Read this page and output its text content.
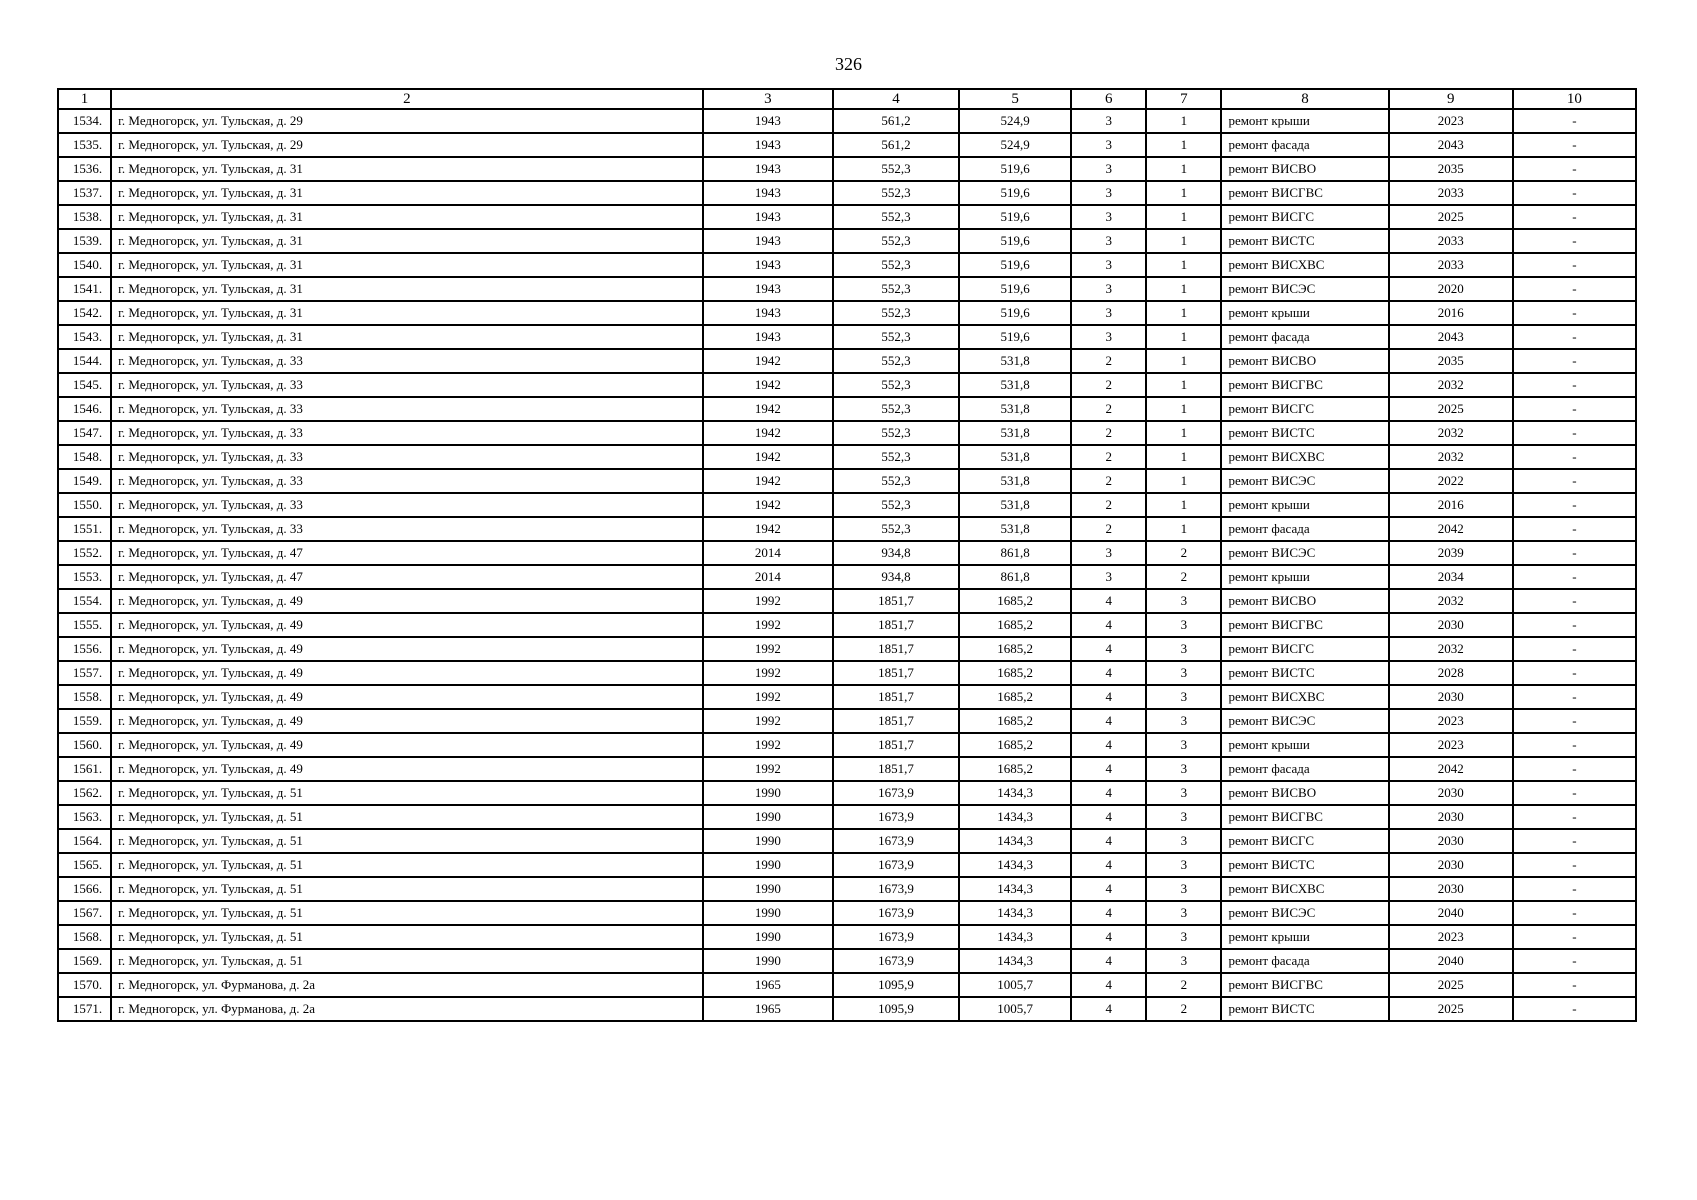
326
1	2	3	4	5	6	7	8	9	10
1534.	г. Медногорск, ул. Тульская, д. 29	1943	561,2	524,9	3	1	ремонт крыши	2023	-
1535.	г. Медногорск, ул. Тульская, д. 29	1943	561,2	524,9	3	1	ремонт фасада	2043	-
1536.	г. Медногорск, ул. Тульская, д. 31	1943	552,3	519,6	3	1	ремонт ВИСВО	2035	-
1537.	г. Медногорск, ул. Тульская, д. 31	1943	552,3	519,6	3	1	ремонт ВИСГВС	2033	-
1538.	г. Медногорск, ул. Тульская, д. 31	1943	552,3	519,6	3	1	ремонт ВИСГС	2025	-
1539.	г. Медногорск, ул. Тульская, д. 31	1943	552,3	519,6	3	1	ремонт ВИСТС	2033	-
1540.	г. Медногорск, ул. Тульская, д. 31	1943	552,3	519,6	3	1	ремонт ВИСХВС	2033	-
1541.	г. Медногорск, ул. Тульская, д. 31	1943	552,3	519,6	3	1	ремонт ВИСЭС	2020	-
1542.	г. Медногорск, ул. Тульская, д. 31	1943	552,3	519,6	3	1	ремонт крыши	2016	-
1543.	г. Медногорск, ул. Тульская, д. 31	1943	552,3	519,6	3	1	ремонт фасада	2043	-
1544.	г. Медногорск, ул. Тульская, д. 33	1942	552,3	531,8	2	1	ремонт ВИСВО	2035	-
1545.	г. Медногорск, ул. Тульская, д. 33	1942	552,3	531,8	2	1	ремонт ВИСГВС	2032	-
1546.	г. Медногорск, ул. Тульская, д. 33	1942	552,3	531,8	2	1	ремонт ВИСГС	2025	-
1547.	г. Медногорск, ул. Тульская, д. 33	1942	552,3	531,8	2	1	ремонт ВИСТС	2032	-
1548.	г. Медногорск, ул. Тульская, д. 33	1942	552,3	531,8	2	1	ремонт ВИСХВС	2032	-
1549.	г. Медногорск, ул. Тульская, д. 33	1942	552,3	531,8	2	1	ремонт ВИСЭС	2022	-
1550.	г. Медногорск, ул. Тульская, д. 33	1942	552,3	531,8	2	1	ремонт крыши	2016	-
1551.	г. Медногорск, ул. Тульская, д. 33	1942	552,3	531,8	2	1	ремонт фасада	2042	-
1552.	г. Медногорск, ул. Тульская, д. 47	2014	934,8	861,8	3	2	ремонт ВИСЭС	2039	-
1553.	г. Медногорск, ул. Тульская, д. 47	2014	934,8	861,8	3	2	ремонт крыши	2034	-
1554.	г. Медногорск, ул. Тульская, д. 49	1992	1851,7	1685,2	4	3	ремонт ВИСВО	2032	-
1555.	г. Медногорск, ул. Тульская, д. 49	1992	1851,7	1685,2	4	3	ремонт ВИСГВС	2030	-
1556.	г. Медногорск, ул. Тульская, д. 49	1992	1851,7	1685,2	4	3	ремонт ВИСГС	2032	-
1557.	г. Медногорск, ул. Тульская, д. 49	1992	1851,7	1685,2	4	3	ремонт ВИСТС	2028	-
1558.	г. Медногорск, ул. Тульская, д. 49	1992	1851,7	1685,2	4	3	ремонт ВИСХВС	2030	-
1559.	г. Медногорск, ул. Тульская, д. 49	1992	1851,7	1685,2	4	3	ремонт ВИСЭС	2023	-
1560.	г. Медногорск, ул. Тульская, д. 49	1992	1851,7	1685,2	4	3	ремонт крыши	2023	-
1561.	г. Медногорск, ул. Тульская, д. 49	1992	1851,7	1685,2	4	3	ремонт фасада	2042	-
1562.	г. Медногорск, ул. Тульская, д. 51	1990	1673,9	1434,3	4	3	ремонт ВИСВО	2030	-
1563.	г. Медногорск, ул. Тульская, д. 51	1990	1673,9	1434,3	4	3	ремонт ВИСГВС	2030	-
1564.	г. Медногорск, ул. Тульская, д. 51	1990	1673,9	1434,3	4	3	ремонт ВИСГС	2030	-
1565.	г. Медногорск, ул. Тульская, д. 51	1990	1673,9	1434,3	4	3	ремонт ВИСТС	2030	-
1566.	г. Медногорск, ул. Тульская, д. 51	1990	1673,9	1434,3	4	3	ремонт ВИСХВС	2030	-
1567.	г. Медногорск, ул. Тульская, д. 51	1990	1673,9	1434,3	4	3	ремонт ВИСЭС	2040	-
1568.	г. Медногорск, ул. Тульская, д. 51	1990	1673,9	1434,3	4	3	ремонт крыши	2023	-
1569.	г. Медногорск, ул. Тульская, д. 51	1990	1673,9	1434,3	4	3	ремонт фасада	2040	-
1570.	г. Медногорск, ул. Фурманова, д. 2а	1965	1095,9	1005,7	4	2	ремонт ВИСГВС	2025	-
1571.	г. Медногорск, ул. Фурманова, д. 2а	1965	1095,9	1005,7	4	2	ремонт ВИСТС	2025	-
